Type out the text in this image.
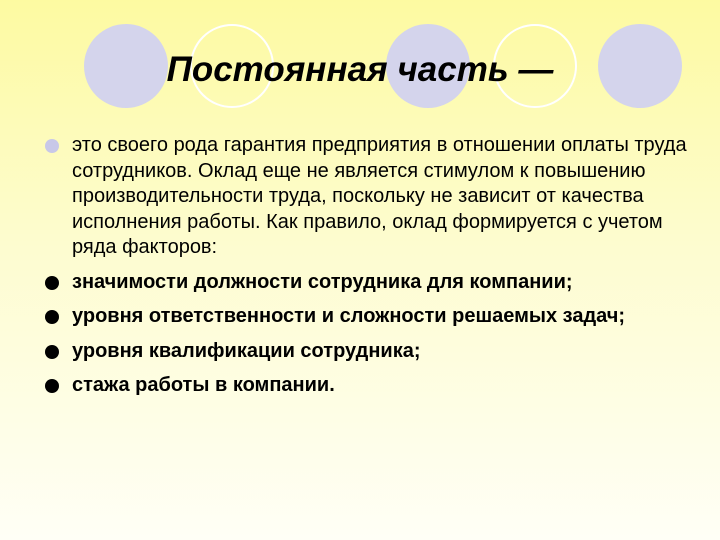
Постоянная часть —
это своего рода гарантия предприятия в отношении оплаты труда сотрудников. Оклад еще не является стимулом к повышению производительности труда, поскольку не зависит от качества исполнения работы. Как правило, оклад формируется с учетом ряда факторов:
значимости должности сотрудника для компании;
уровня ответственности и сложности решаемых задач;
уровня квалификации сотрудника;
стажа работы в компании.
